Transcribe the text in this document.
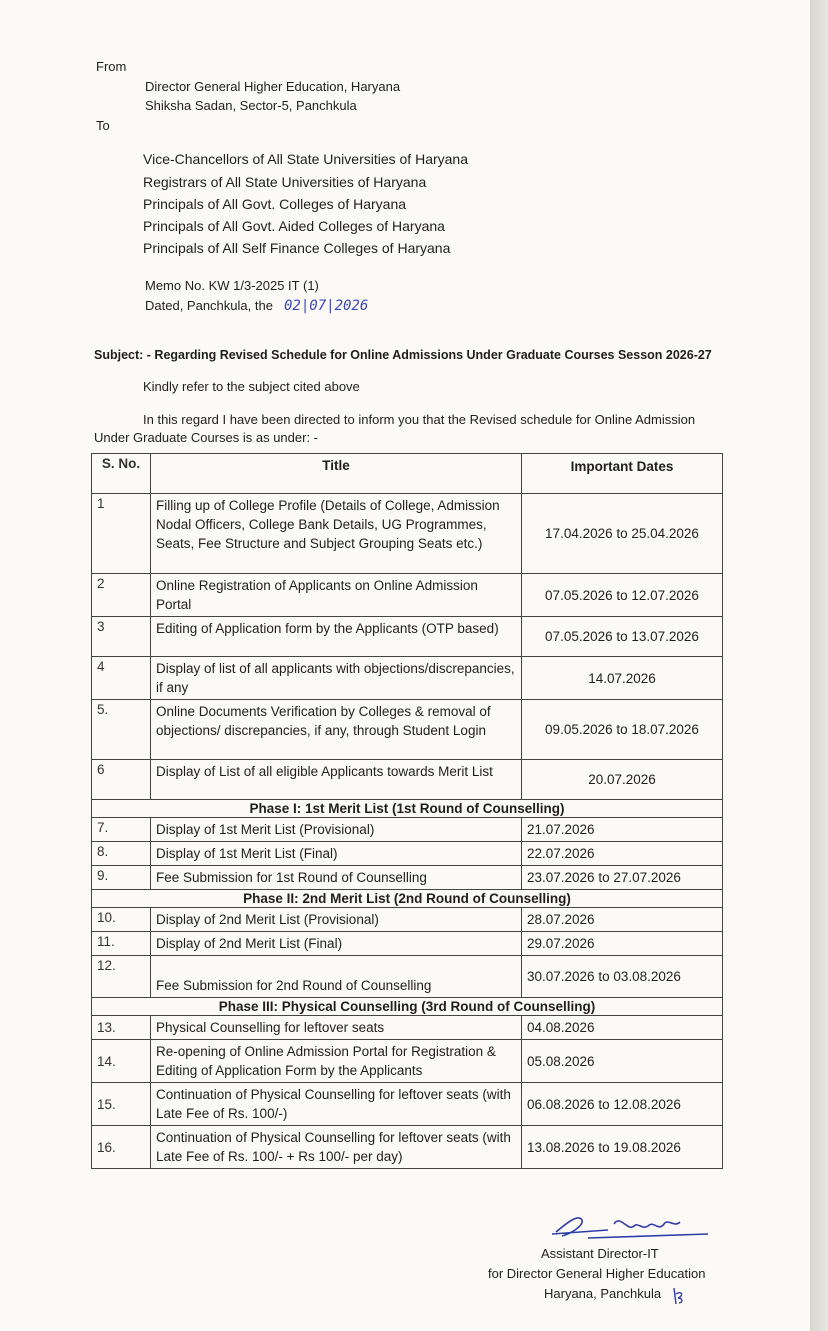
From
Director General Higher Education, Haryana
Shiksha Sadan, Sector-5, Panchkula
To
Vice-Chancellors of All State Universities of Haryana
Registrars of All State Universities of Haryana
Principals of All Govt. Colleges of Haryana
Principals of All Govt. Aided Colleges of Haryana
Principals of All Self Finance Colleges of Haryana
Memo No. KW 1/3-2025 IT (1)
Dated, Panchkula, the 02|07|2026
Subject: - Regarding Revised Schedule for Online Admissions Under Graduate Courses Sesson 2026-27
Kindly refer to the subject cited above
In this regard I have been directed to inform you that the Revised schedule for Online Admission
Under Graduate Courses is as under: -
S. No.	Title	Important Dates
1	Filling up of College Profile (Details of College, Admission Nodal Officers, College Bank Details, UG Programmes, Seats, Fee Structure and Subject Grouping Seats etc.)	17.04.2026 to 25.04.2026
2	Online Registration of Applicants on Online Admission Portal	07.05.2026 to 12.07.2026
3	Editing of Application form by the Applicants (OTP based)	07.05.2026 to 13.07.2026
4	Display of list of all applicants with objections/discrepancies, if any	14.07.2026
5.	Online Documents Verification by Colleges & removal of objections/ discrepancies, if any, through Student Login	09.05.2026 to 18.07.2026
6	Display of List of all eligible Applicants towards Merit List	20.07.2026
Phase I: 1st Merit List (1st Round of Counselling)		
7.	Display of 1st Merit List (Provisional)	21.07.2026
8.	Display of 1st Merit List (Final)	22.07.2026
9.	Fee Submission for 1st Round of Counselling	23.07.2026 to 27.07.2026
Phase II: 2nd Merit List (2nd Round of Counselling)		
10.	Display of 2nd Merit List (Provisional)	28.07.2026
11.	Display of 2nd Merit List (Final)	29.07.2026
12.	Fee Submission for 2nd Round of Counselling	30.07.2026 to 03.08.2026
Phase III: Physical Counselling (3rd Round of Counselling)		
13.	Physical Counselling for leftover seats	04.08.2026
14.	Re-opening of Online Admission Portal for Registration & Editing of Application Form by the Applicants	05.08.2026
15.	Continuation of Physical Counselling for leftover seats (with Late Fee of Rs. 100/-)	06.08.2026 to 12.08.2026
16.	Continuation of Physical Counselling for leftover seats (with Late Fee of Rs. 100/- + Rs 100/- per day)	13.08.2026 to 19.08.2026
Assistant Director-IT
for Director General Higher Education
Haryana, Panchkula
